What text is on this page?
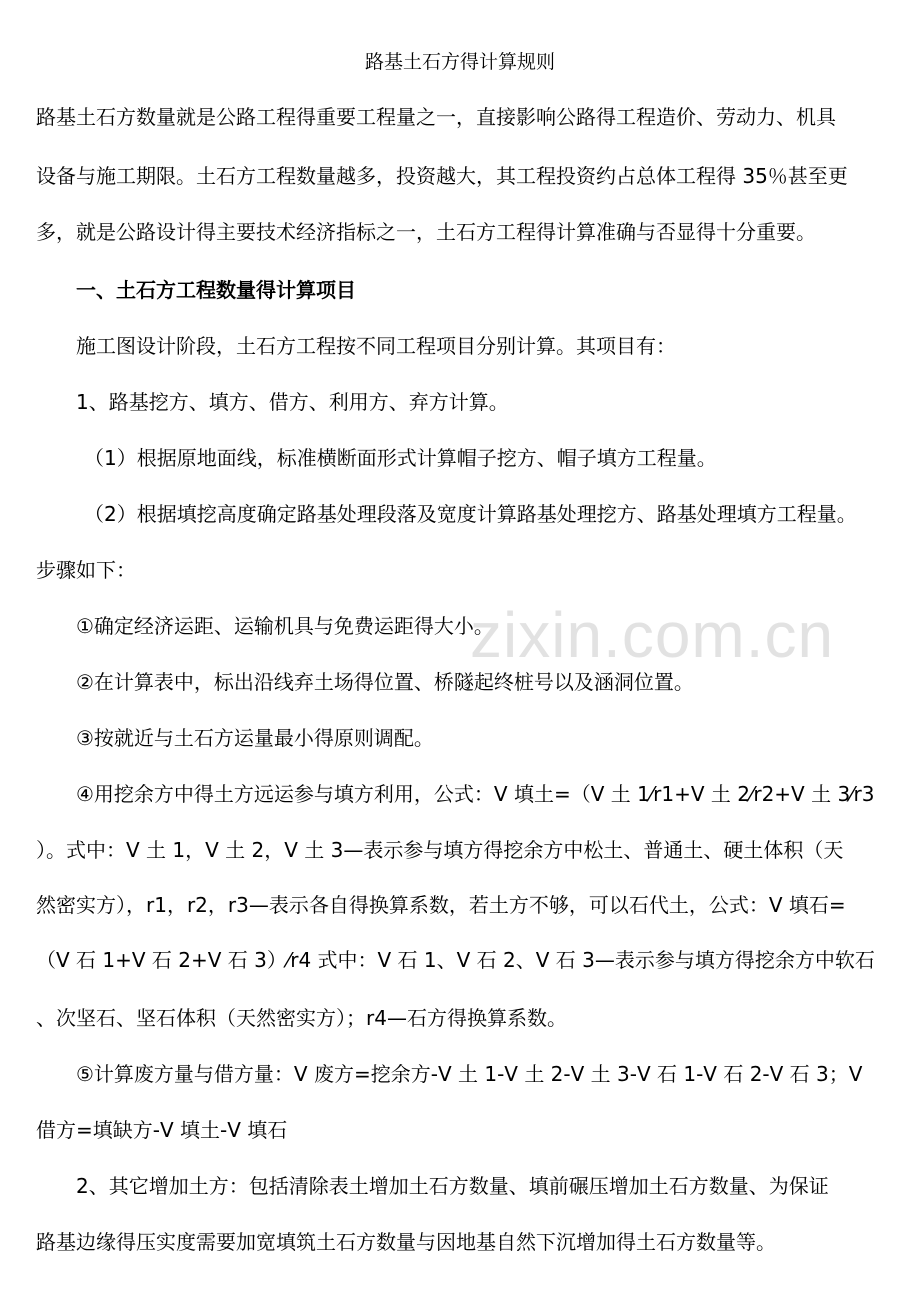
zixin.com.cn
路基土石方得计算规则
路基土石方数量就是公路工程得重要工程量之一，直接影响公路得工程造价、劳动力、机具
设备与施工期限。土石方工程数量越多，投资越大，其工程投资约占总体工程得 35％甚至更
多，就是公路设计得主要技术经济指标之一，土石方工程得计算准确与否显得十分重要。
一、土石方工程数量得计算项目
施工图设计阶段，土石方工程按不同工程项目分别计算。其项目有：
1、路基挖方、填方、借方、利用方、弃方计算。
（1）根据原地面线，标准横断面形式计算帽子挖方、帽子填方工程量。
（2）根据填挖高度确定路基处理段落及宽度计算路基处理挖方、路基处理填方工程量。
步骤如下：
①确定经济运距、运输机具与免费运距得大小。
②在计算表中，标出沿线弃土场得位置、桥隧起终桩号以及涵洞位置。
③按就近与土石方运量最小得原则调配。
④用挖余方中得土方远运参与填方利用，公式：V 填土=（V 土 1⁄r1+V 土 2⁄r2+V 土 3⁄r3
）。式中：V 土 1，V 土 2，V 土 3—表示参与填方得挖余方中松土、普通土、硬土体积（天
然密实方），r1，r2，r3—表示各自得换算系数，若土方不够，可以石代土，公式：V 填石=
（V 石 1+V 石 2+V 石 3）⁄r4 式中：V 石 1、V 石 2、V 石 3—表示参与填方得挖余方中软石
、次坚石、坚石体积（天然密实方）；r4—石方得换算系数。
⑤计算废方量与借方量：V 废方=挖余方-V 土 1-V 土 2-V 土 3-V 石 1-V 石 2-V 石 3；V
借方=填缺方-V 填土-V 填石
2、其它增加土方：包括清除表土增加土石方数量、填前碾压增加土石方数量、为保证
路基边缘得压实度需要加宽填筑土石方数量与因地基自然下沉增加得土石方数量等。
